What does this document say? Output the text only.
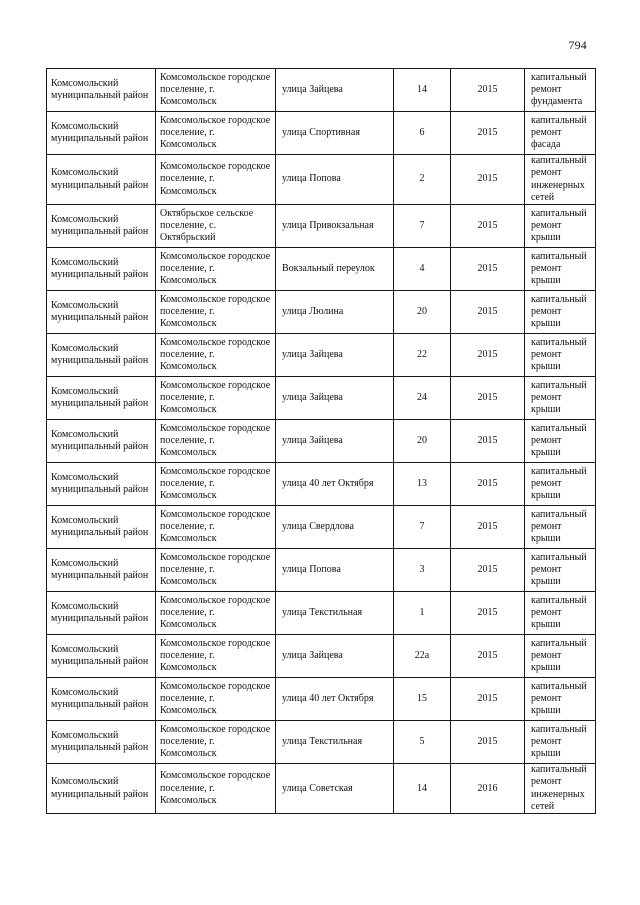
794
Комсомольский муниципальный район	Комсомольское городское поселение, г. Комсомольск	улица Зайцева	14	2015	капитальный ремонт фундамента

Комсомольский муниципальный район	Комсомольское городское поселение, г. Комсомольск	улица Спортивная	6	2015	капитальный ремонт фасада

Комсомольский муниципальный район	Комсомольское городское поселение, г. Комсомольск	улица Попова	2	2015	капитальный ремонт инженерных сетей

Комсомольский муниципальный район	Октябрьское сельское поселение, с. Октябрьский	улица Привокзальная	7	2015	капитальный ремонт крыши

Комсомольский муниципальный район	Комсомольское городское поселение, г. Комсомольск	Вокзальный переулок	4	2015	капитальный ремонт крыши

Комсомольский муниципальный район	Комсомольское городское поселение, г. Комсомольск	улица Люлина	20	2015	капитальный ремонт крыши

Комсомольский муниципальный район	Комсомольское городское поселение, г. Комсомольск	улица Зайцева	22	2015	капитальный ремонт крыши

Комсомольский муниципальный район	Комсомольское городское поселение, г. Комсомольск	улица Зайцева	24	2015	капитальный ремонт крыши

Комсомольский муниципальный район	Комсомольское городское поселение, г. Комсомольск	улица Зайцева	20	2015	капитальный ремонт крыши

Комсомольский муниципальный район	Комсомольское городское поселение, г. Комсомольск	улица 40 лет Октября	13	2015	капитальный ремонт крыши

Комсомольский муниципальный район	Комсомольское городское поселение, г. Комсомольск	улица Свердлова	7	2015	капитальный ремонт крыши

Комсомольский муниципальный район	Комсомольское городское поселение, г. Комсомольск	улица Попова	3	2015	капитальный ремонт крыши

Комсомольский муниципальный район	Комсомольское городское поселение, г. Комсомольск	улица Текстильная	1	2015	капитальный ремонт крыши

Комсомольский муниципальный район	Комсомольское городское поселение, г. Комсомольск	улица Зайцева	22а	2015	капитальный ремонт крыши

Комсомольский муниципальный район	Комсомольское городское поселение, г. Комсомольск	улица 40 лет Октября	15	2015	капитальный ремонт крыши

Комсомольский муниципальный район	Комсомольское городское поселение, г. Комсомольск	улица Текстильная	5	2015	капитальный ремонт крыши

Комсомольский муниципальный район	Комсомольское городское поселение, г. Комсомольск	улица Советская	14	2016	капитальный ремонт инженерных сетей
